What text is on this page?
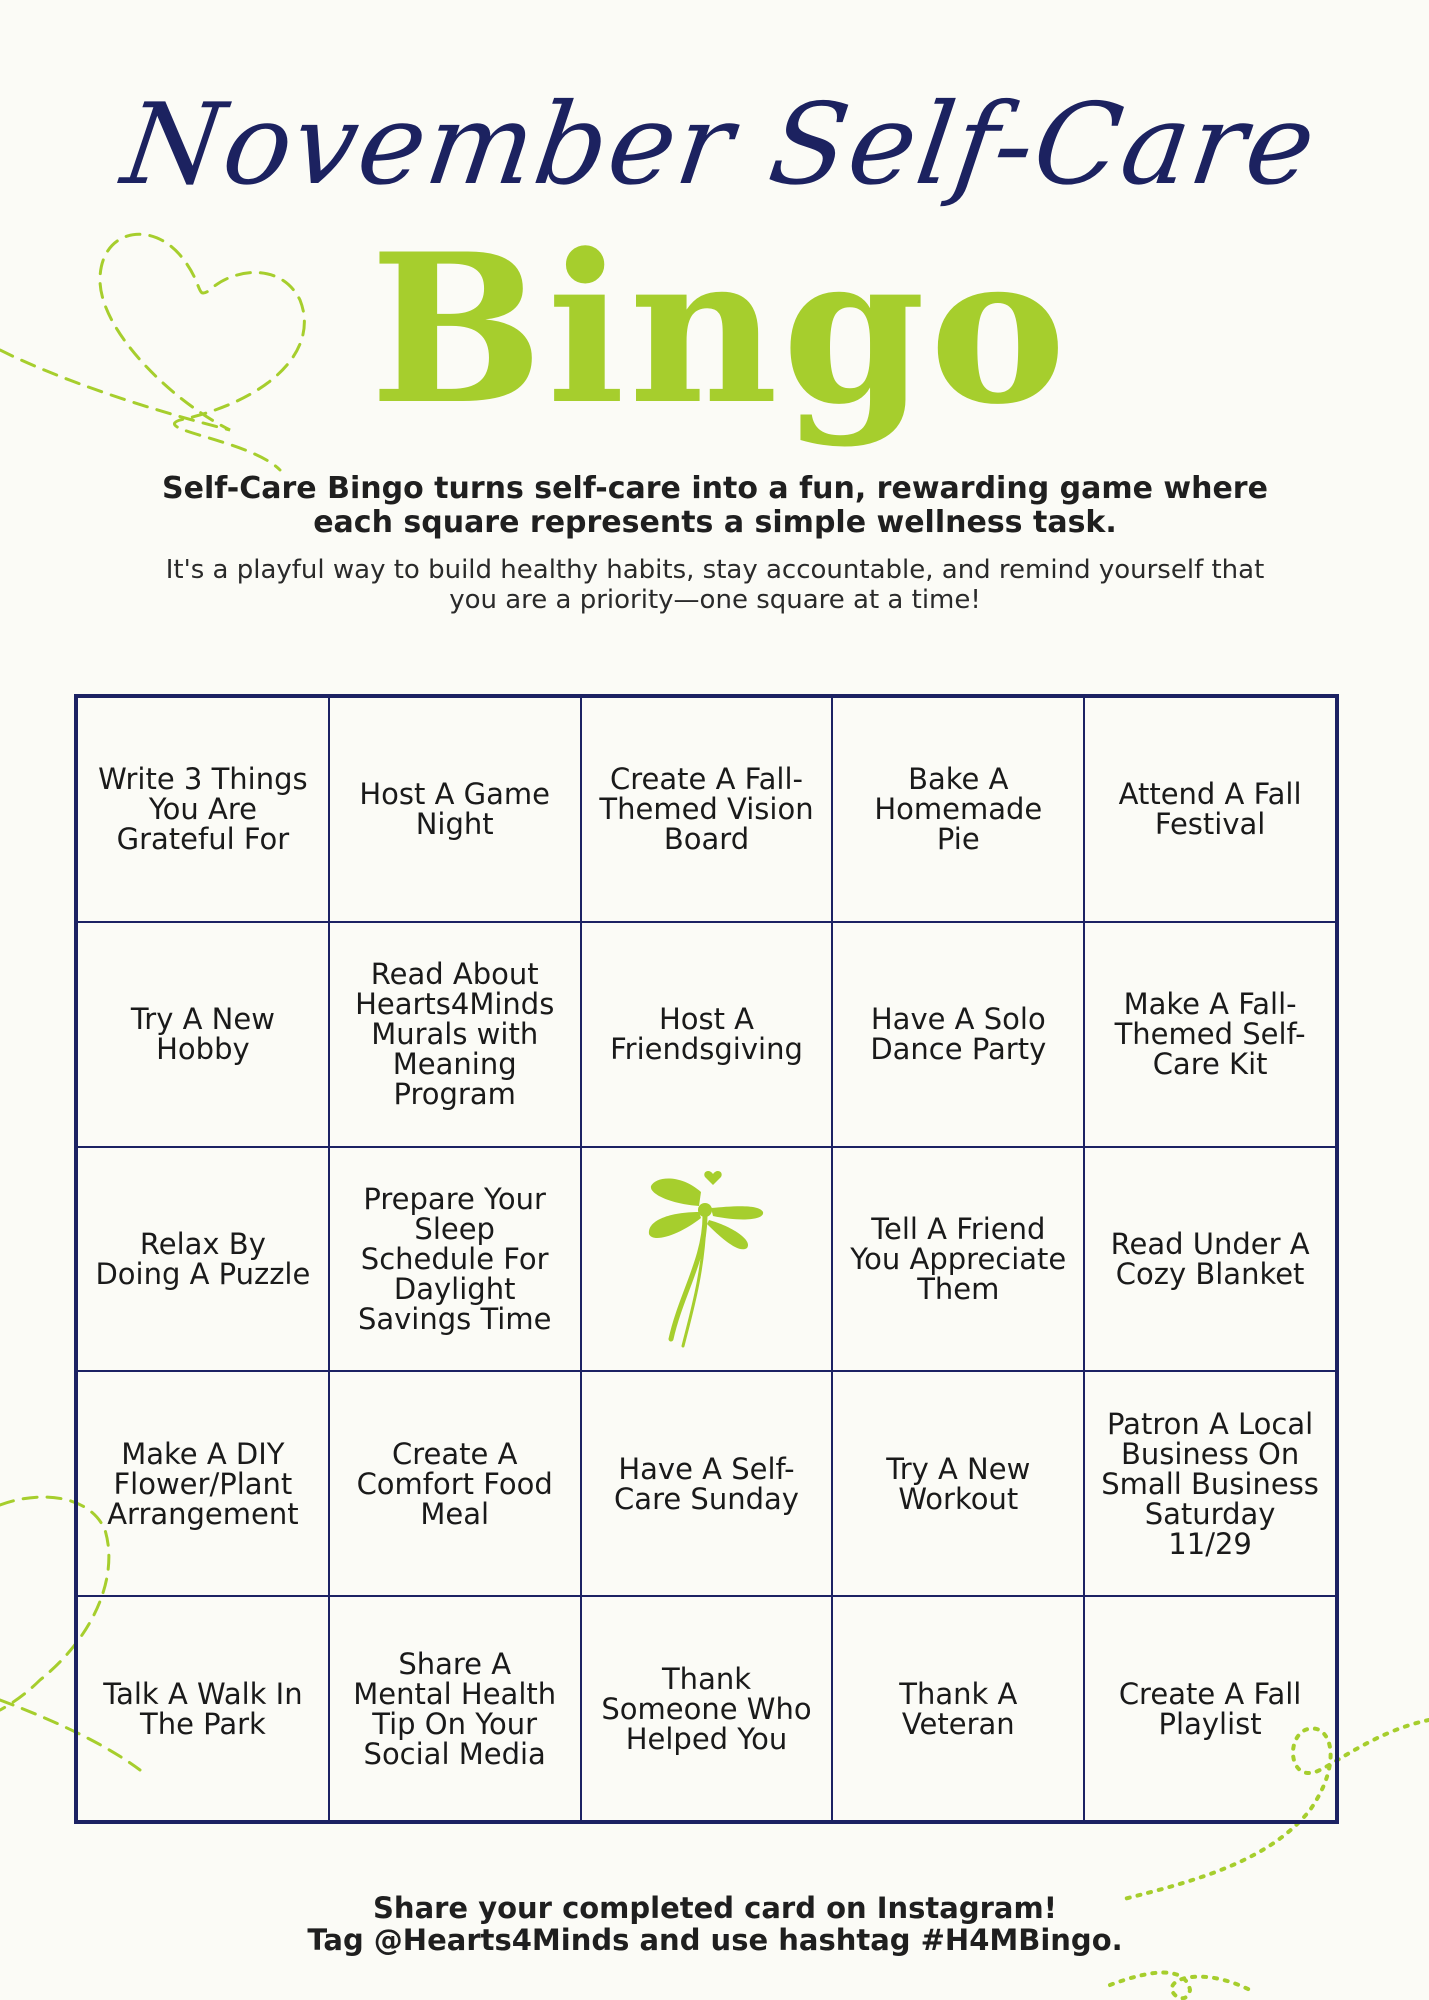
November Self-Care
Bingo

Self-Care Bingo turns self-care into a fun, rewarding game where each square represents a simple wellness task.

It's a playful way to build healthy habits, stay accountable, and remind yourself that you are a priority—one square at a time!

Write 3 Things You Are Grateful For
Host A Game Night
Create A Fall-Themed Vision Board
Bake A Homemade Pie
Attend A Fall Festival
Try A New Hobby
Read About Hearts4Minds Murals with Meaning Program
Host A Friendsgiving
Have A Solo Dance Party
Make A Fall-Themed Self-Care Kit
Relax By Doing A Puzzle
Prepare Your Sleep Schedule For Daylight Savings Time
Tell A Friend You Appreciate Them
Read Under A Cozy Blanket
Make A DIY Flower/Plant Arrangement
Create A Comfort Food Meal
Have A Self-Care Sunday
Try A New Workout
Patron A Local Business On Small Business Saturday 11/29
Talk A Walk In The Park
Share A Mental Health Tip On Your Social Media
Thank Someone Who Helped You
Thank A Veteran
Create A Fall Playlist
Share your completed card on Instagram!
Tag @Hearts4Minds and use hashtag #H4MBingo.
